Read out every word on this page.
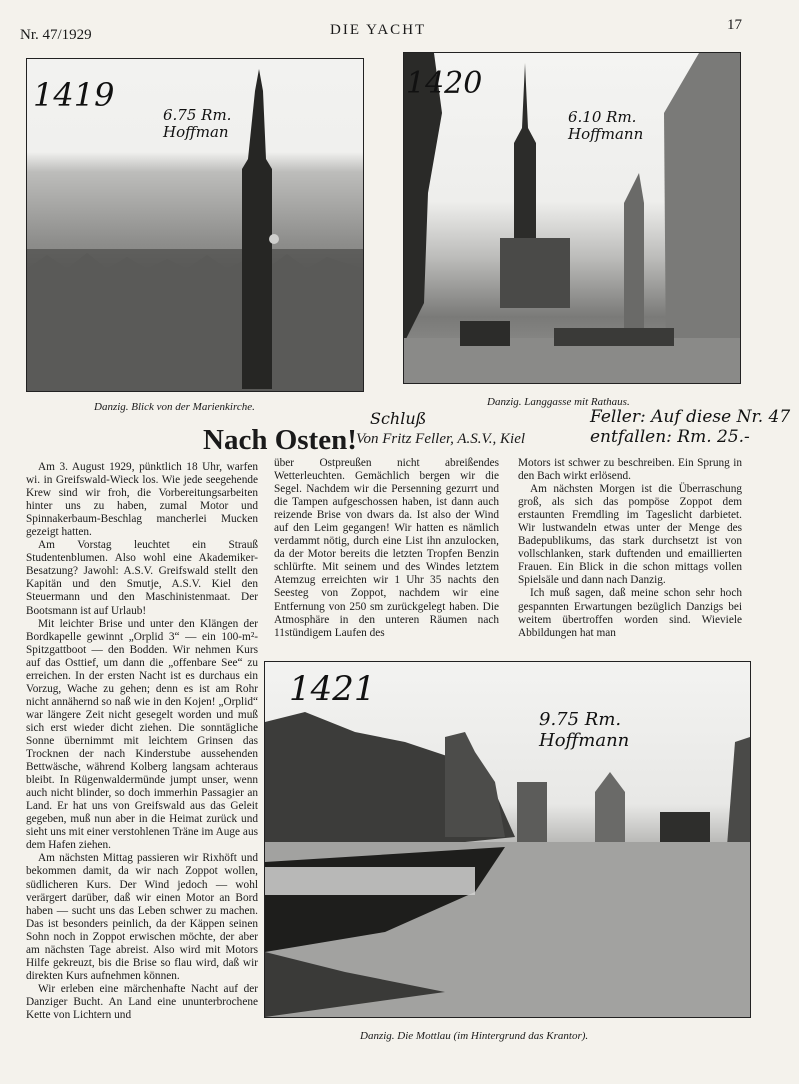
Nr. 47/1929	DIE YACHT	17
1419
6.75 Rm.
Hoffman
Danzig. Blick von der Marienkirche.
1420
6.10 Rm.
Hoffmann
Danzig. Langgasse mit Rathaus.
Nach Osten! Von Fritz Feller, A.S.V., Kiel
Schluß	Feller: Auf diese Nr. 47
entfallen: Rm. 25.-

Am 3. August 1929, pünktlich 18 Uhr, warfen wi. in Greifswald-Wieck los. Wie jede seegehende Krew sind wir froh, die Vorbereitungsarbeiten hinter uns zu haben, zumal Motor und Spinnakerbaum-Beschlag mancherlei Mucken gezeigt hatten.

Am Vorstag leuchtet ein Strauß Studentenblumen. Also wohl eine Akademiker-Besatzung? Jawohl: A.S.V. Greifswald stellt den Kapitän und den Smutje, A.S.V. Kiel den Steuermann und den Maschinistenmaat. Der Bootsmann ist auf Urlaub!

Mit leichter Brise und unter den Klängen der Bordkapelle gewinnt „Orplid 3“ — ein 100-m²-Spitzgattboot — den Bodden. Wir nehmen Kurs auf das Osttief, um dann die „offenbare See“ zu erreichen. In der ersten Nacht ist es durchaus ein Vorzug, Wache zu gehen; denn es ist am Rohr nicht annähernd so naß wie in den Kojen! „Orplid“ war längere Zeit nicht gesegelt worden und muß sich erst wieder dicht ziehen. Die sonntägliche Sonne übernimmt mit leichtem Grinsen das Trocknen der nach Kinderstube aussehenden Bettwäsche, während Kolberg langsam achteraus bleibt. In Rügenwaldermünde jumpt unser, wenn auch nicht blinder, so doch immerhin Passagier an Land. Er hat uns von Greifswald aus das Geleit gegeben, muß nun aber in die Heimat zurück und sieht uns mit einer verstohlenen Träne im Auge aus dem Hafen ziehen.

Am nächsten Mittag passieren wir Rixhöft und bekommen damit, da wir nach Zoppot wollen, südlicheren Kurs. Der Wind jedoch — wohl verärgert darüber, daß wir einen Motor an Bord haben — sucht uns das Leben schwer zu machen. Das ist besonders peinlich, da der Käppen seinen Sohn noch in Zoppot erwischen möchte, der aber am nächsten Tage abreist. Also wird mit Motors Hilfe gekreuzt, bis die Brise so flau wird, daß wir direkten Kurs aufnehmen können.

Wir erleben eine märchenhafte Nacht auf der Danziger Bucht. An Land eine ununterbrochene Kette von Lichtern und

über Ostpreußen nicht abreißendes Wetterleuchten. Gemächlich bergen wir die Segel. Nachdem wir die Persenning gezurrt und die Tampen aufgeschossen haben, ist dann auch reizende Brise von dwars da. Ist also der Wind auf den Leim gegangen! Wir hatten es nämlich verdammt nötig, durch eine List ihn anzulocken, da der Motor bereits die letzten Tropfen Benzin schlürfte. Mit seinem und des Windes letztem Atemzug erreichten wir 1 Uhr 35 nachts den Seesteg von Zoppot, nachdem wir eine Entfernung von 250 sm zurückgelegt haben. Die Atmosphäre in den unteren Räumen nach 11stündigem Laufen des

Motors ist schwer zu beschreiben. Ein Sprung in den Bach wirkt erlösend.

Am nächsten Morgen ist die Überraschung groß, als sich das pompöse Zoppot dem erstaunten Fremdling im Tageslicht darbietet. Wir lustwandeln etwas unter der Menge des Badepublikums, das stark durchsetzt ist von vollschlanken, stark duftenden und emaillierten Frauen. Ein Blick in die schon mittags vollen Spielsäle und dann nach Danzig.

Ich muß sagen, daß meine schon sehr hoch gespannten Erwartungen bezüglich Danzigs bei weitem übertroffen worden sind. Wieviele Abbildungen hat man

1421
9.75 Rm.
Hoffmann
Danzig. Die Mottlau (im Hintergrund das Krantor).
